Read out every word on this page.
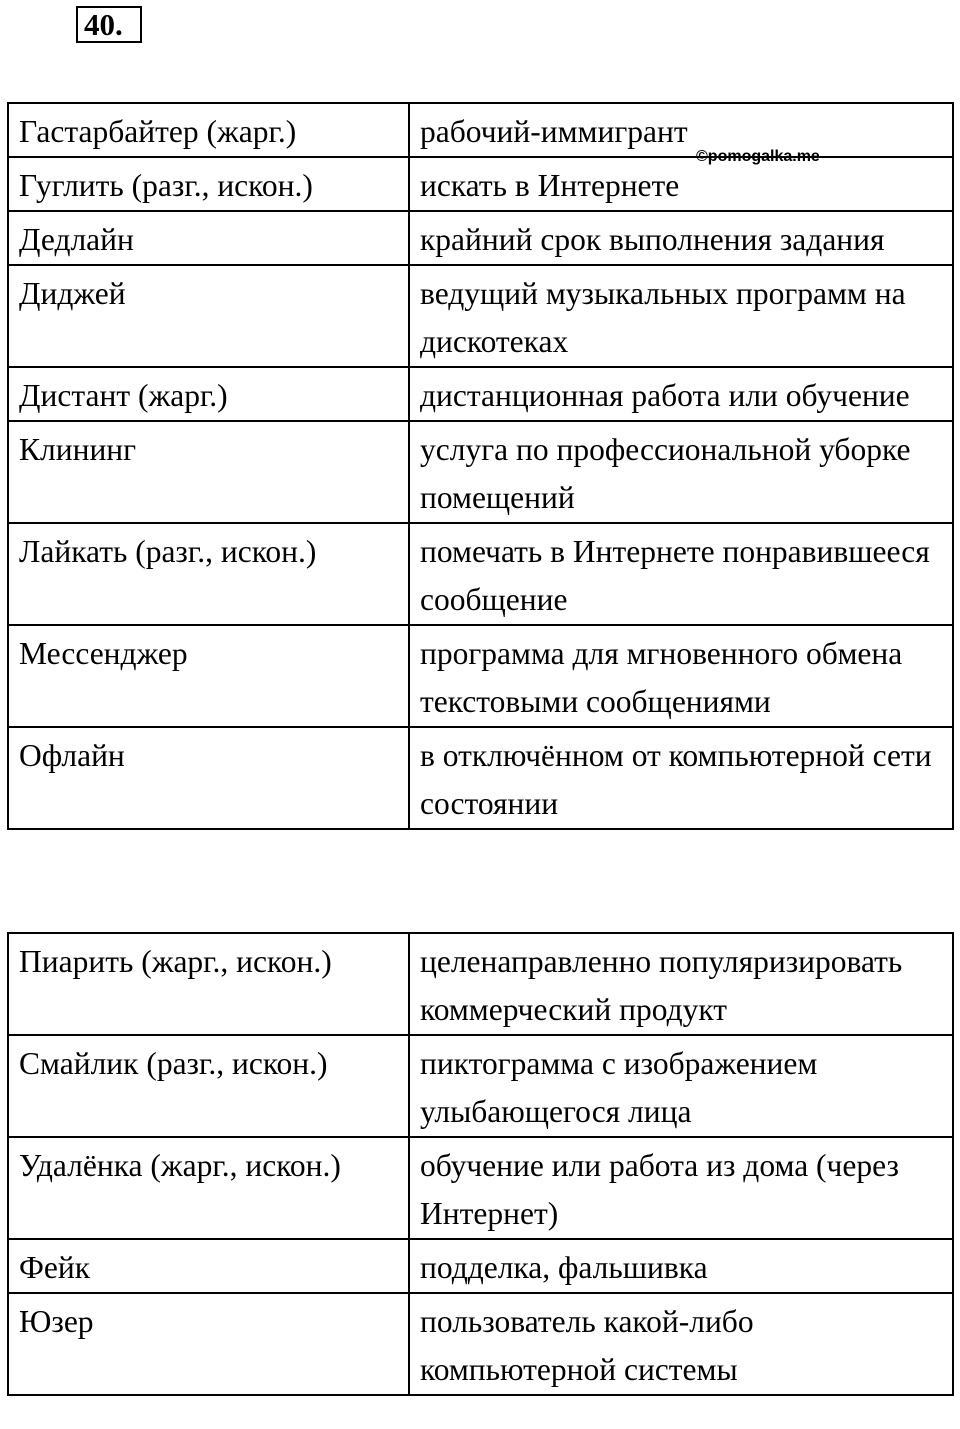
40.
©pomogalka.me
Гастарбайтер (жарг.)	рабочий-иммигрант
Гуглить (разг., искон.)	искать в Интернете
Дедлайн	крайний срок выполнения задания
Диджей	ведущий музыкальных программ на дискотеках
Дистант (жарг.)	дистанционная работа или обучение
Клининг	услуга по профессиональной уборке помещений
Лайкать (разг., искон.)	помечать в Интернете понравившееся сообщение
Мессенджер	программа для мгновенного обмена текстовыми сообщениями
Офлайн	в отключённом от компьютерной сети состоянии
Пиарить (жарг., искон.)	целенаправленно популяризировать коммерческий продукт
Смайлик (разг., искон.)	пиктограмма с изображением улыбающегося лица
Удалёнка (жарг., искон.)	обучение или работа из дома (через Интернет)
Фейк	подделка, фальшивка
Юзер	пользователь какой-либо компьютерной системы
